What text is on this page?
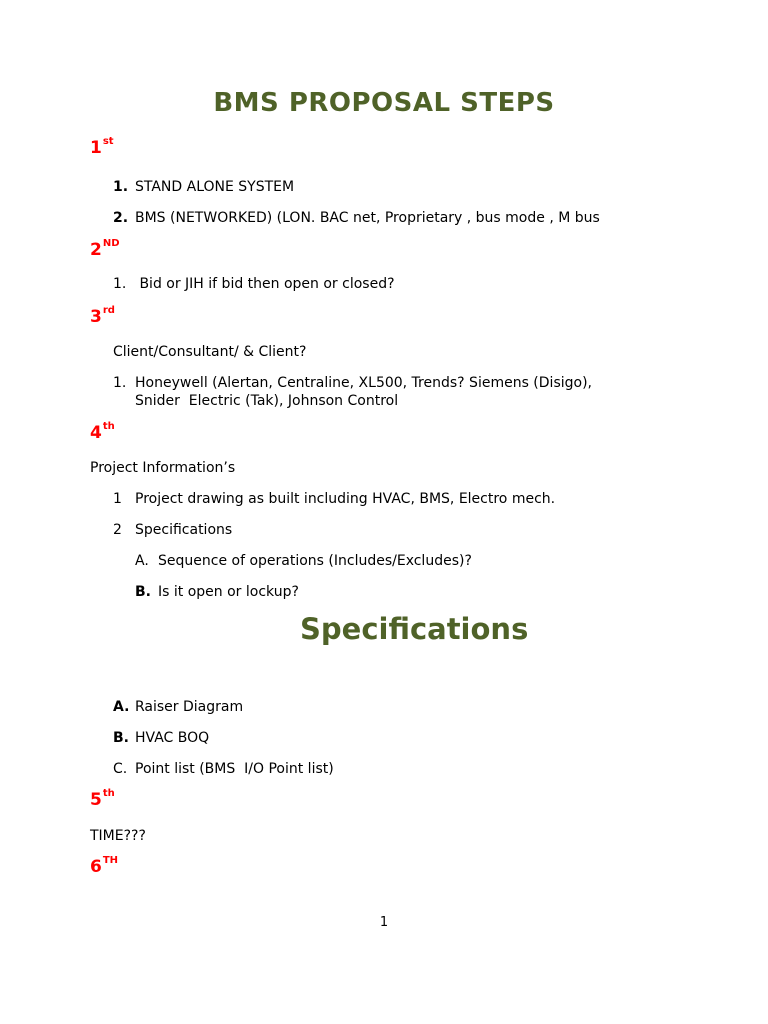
BMS PROPOSAL STEPS
1st
1. STAND ALONE SYSTEM
2. BMS (NETWORKED) (LON. BAC net, Proprietary , bus mode , M bus
2ND
1. Bid or JIH if bid then open or closed?
3rd
Client/Consultant/ & Client?
1. Honeywell (Alertan, Centraline, XL500, Trends? Siemens (Disigo),
Snider  Electric (Tak), Johnson Control
4th
Project Information’s
1 Project drawing as built including HVAC, BMS, Electro mech.
2 Specifications
A. Sequence of operations (Includes/Excludes)?
B. Is it open or lockup?
Specifications
A. Raiser Diagram
B. HVAC BOQ
C. Point list (BMS  I/O Point list)
5th
TIME???
6TH
1
